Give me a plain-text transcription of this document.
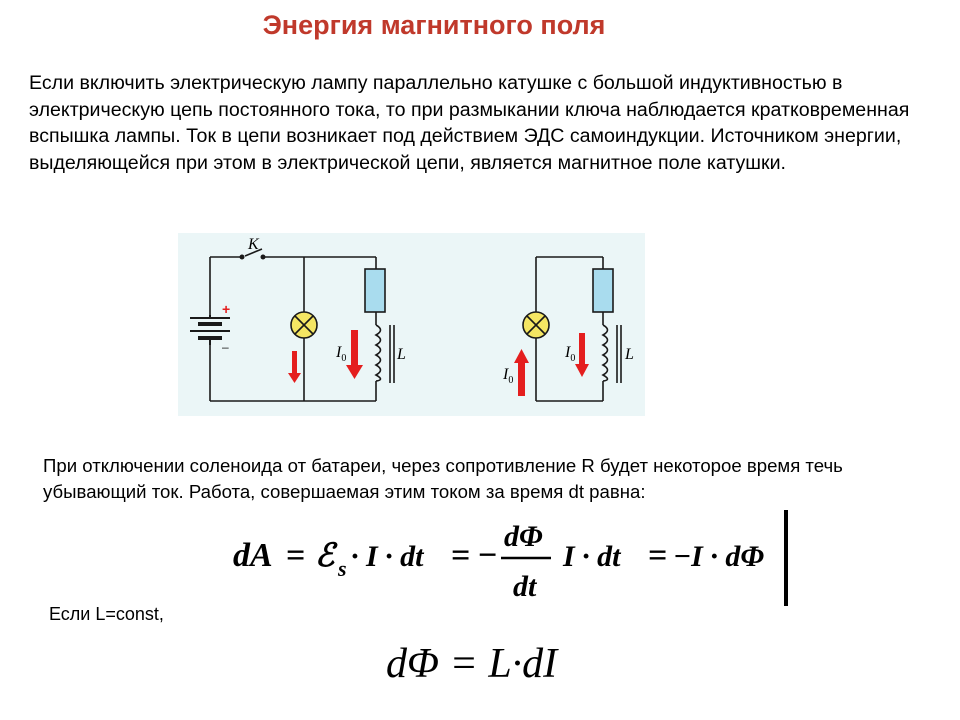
Энергия магнитного поля
Если включить электрическую лампу параллельно катушке с большой индуктивностью в электрическую цепь постоянного тока, то при размыкании ключа наблюдается кратковременная вспышка лампы. Ток в цепи возникает под действием ЭДС самоиндукции. Источником энергии, выделяющейся при этом в электрической цепи, является магнитное поле катушки.
K
+
–	$I_0$	L
$I_0$
$I_0$	L
При отключении соленоида от батареи, через сопротивление R будет некоторое время течь убывающий ток. Работа, совершаемая этим током за время dt равна:
dA = ℰ s · I · dt = −
dΦ
dt
I · dt = −I · dΦ
Если L=const,
dΦ = L·dI
